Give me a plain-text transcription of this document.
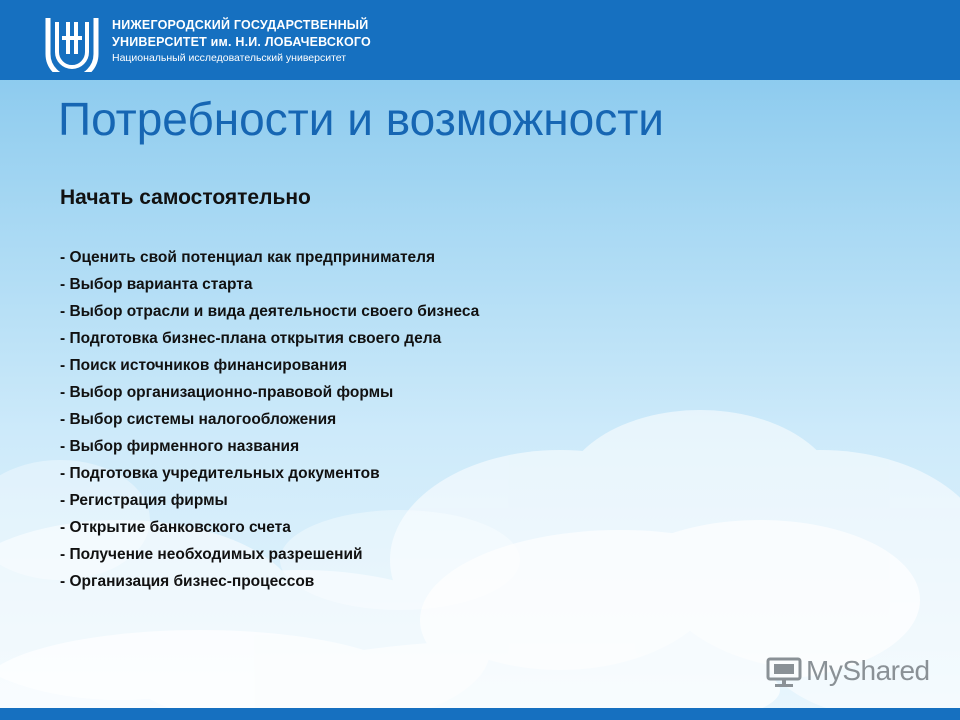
НИЖЕГОРОДСКИЙ ГОСУДАРСТВЕННЫЙ
УНИВЕРСИТЕТ им. Н.И. ЛОБАЧЕВСКОГО
Национальный исследовательский университет
Потребности и возможности
Начать самостоятельно
- Оценить свой потенциал как предпринимателя
- Выбор варианта старта
- Выбор отрасли и вида деятельности своего бизнеса
- Подготовка бизнес-плана открытия своего дела
- Поиск источников финансирования
- Выбор организационно-правовой формы
- Выбор системы налогообложения
- Выбор фирменного названия
- Подготовка учредительных документов
- Регистрация фирмы
- Открытие банковского счета
- Получение необходимых разрешений
- Организация бизнес-процессов
MyShared
